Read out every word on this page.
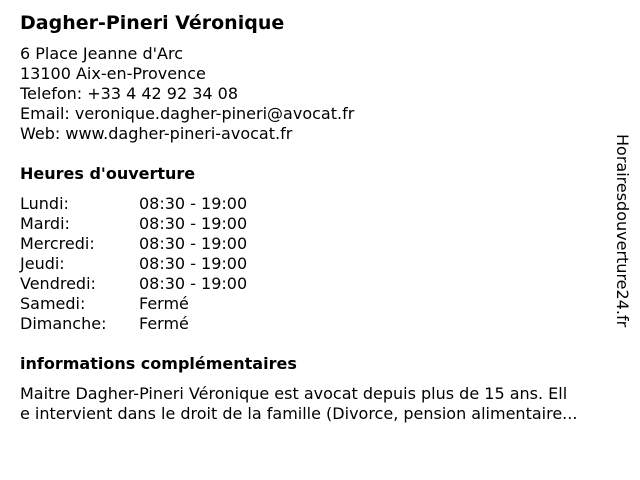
Dagher-Pineri Véronique
6 Place Jeanne d'Arc
13100 Aix-en-Provence
Telefon: +33 4 42 92 34 08
Email: veronique.dagher-pineri@avocat.fr
Web: www.dagher-pineri-avocat.fr
Heures d'ouverture
Lundi:	08:30 - 19:00
Mardi:	08:30 - 19:00
Mercredi:	08:30 - 19:00
Jeudi:	08:30 - 19:00
Vendredi:	08:30 - 19:00
Samedi:	Fermé
Dimanche:	Fermé
informations complémentaires
Maitre Dagher-Pineri Véronique est avocat depuis plus de 15 ans. Ell
e intervient dans le droit de la famille (Divorce, pension alimentaire...
Horairesdouverture24.fr
